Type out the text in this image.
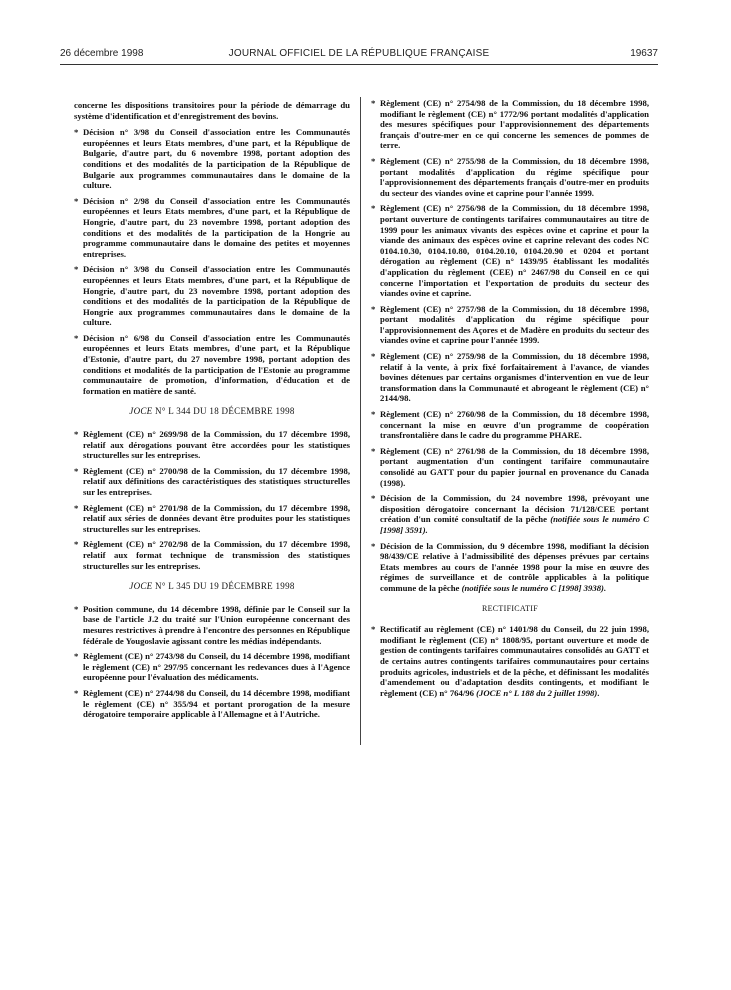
26 décembre 1998	JOURNAL OFFICIEL DE LA RÉPUBLIQUE FRANÇAISE	19637

concerne les dispositions transitoires pour la période de démarrage du système d'identification et d'enregistrement des bovins.

* Décision n° 3/98 du Conseil d'association entre les Communautés européennes et leurs Etats membres, d'une part, et la République de Bulgarie, d'autre part, du 6 novembre 1998, portant adoption des conditions et des modalités de la participation de la République de Bulgarie aux programmes communautaires dans le domaine de la culture.
* Décision n° 2/98 du Conseil d'association entre les Communautés européennes et leurs Etats membres, d'une part, et la République de Hongrie, d'autre part, du 23 novembre 1998, portant adoption des conditions et des modalités de la participation de la Hongrie au programme communautaire dans le domaine des petites et moyennes entreprises.
* Décision n° 3/98 du Conseil d'association entre les Communautés européennes et leurs Etats membres, d'une part, et la République de Hongrie, d'autre part, du 23 novembre 1998, portant adoption des conditions et des modalités de la participation de la République de Hongrie aux programmes communautaires dans le domaine de la culture.
* Décision n° 6/98 du Conseil d'association entre les Communautés européennes et leurs Etats membres, d'une part, et la République d'Estonie, d'autre part, du 27 novembre 1998, portant adoption des conditions et modalités de la participation de l'Estonie au programme communautaire de promotion, d'information, d'éducation et de formation en matière de santé.
JOCE N° L 344 DU 18 DÉCEMBRE 1998
* Règlement (CE) n° 2699/98 de la Commission, du 17 décembre 1998, relatif aux dérogations pouvant être accordées pour les statistiques structurelles sur les entreprises.
* Règlement (CE) n° 2700/98 de la Commission, du 17 décembre 1998, relatif aux définitions des caractéristiques des statistiques structurelles sur les entreprises.
* Règlement (CE) n° 2701/98 de la Commission, du 17 décembre 1998, relatif aux séries de données devant être produites pour les statistiques structurelles sur les entreprises.
* Règlement (CE) n° 2702/98 de la Commission, du 17 décembre 1998, relatif aux format technique de transmission des statistiques structurelles sur les entreprises.
JOCE N° L 345 DU 19 DÉCEMBRE 1998
* Position commune, du 14 décembre 1998, définie par le Conseil sur la base de l'article J.2 du traité sur l'Union européenne concernant des mesures restrictives à prendre à l'encontre des personnes en République fédérale de Yougoslavie agissant contre les médias indépendants.
* Règlement (CE) n° 2743/98 du Conseil, du 14 décembre 1998, modifiant le règlement (CE) n° 297/95 concernant les redevances dues à l'Agence européenne pour l'évaluation des médicaments.
* Règlement (CE) n° 2744/98 du Conseil, du 14 décembre 1998, modifiant le règlement (CE) n° 355/94 et portant prorogation de la mesure dérogatoire temporaire applicable à l'Allemagne et à l'Autriche.
* Règlement (CE) n° 2754/98 de la Commission, du 18 décembre 1998, modifiant le règlement (CE) n° 1772/96 portant modalités d'application des mesures spécifiques pour l'approvisionnement des départements français d'outre-mer en ce qui concerne les semences de pommes de terre.
* Règlement (CE) n° 2755/98 de la Commission, du 18 décembre 1998, portant modalités d'application du régime spécifique pour l'approvisionnement des départements français d'outre-mer en produits du secteur des viandes ovine et caprine pour l'année 1999.
* Règlement (CE) n° 2756/98 de la Commission, du 18 décembre 1998, portant ouverture de contingents tarifaires communautaires au titre de 1999 pour les animaux vivants des espèces ovine et caprine et pour la viande des animaux des espèces ovine et caprine relevant des codes NC 0104.10.30, 0104.10.80, 0104.20.10, 0104.20.90 et 0204 et portant dérogation au règlement (CE) n° 1439/95 établissant les modalités d'application du règlement (CEE) n° 2467/98 du Conseil en ce qui concerne l'importation et l'exportation de produits du secteur des viandes ovine et caprine.
* Règlement (CE) n° 2757/98 de la Commission, du 18 décembre 1998, portant modalités d'application du régime spécifique pour l'approvisionnement des Açores et de Madère en produits du secteur des viandes ovine et caprine pour l'année 1999.
* Règlement (CE) n° 2759/98 de la Commission, du 18 décembre 1998, relatif à la vente, à prix fixé forfaitairement à l'avance, de viandes bovines détenues par certains organismes d'intervention en vue de leur transformation dans la Communauté et abrogeant le règlement (CE) n° 2144/98.
* Règlement (CE) n° 2760/98 de la Commission, du 18 décembre 1998, concernant la mise en œuvre d'un programme de coopération transfrontalière dans le cadre du programme PHARE.
* Règlement (CE) n° 2761/98 de la Commission, du 18 décembre 1998, portant augmentation d'un contingent tarifaire communautaire consolidé au GATT pour du papier journal en provenance du Canada (1998).
* Décision de la Commission, du 24 novembre 1998, prévoyant une disposition dérogatoire concernant la décision 71/128/CEE portant création d'un comité consultatif de la pêche (notifiée sous le numéro C [1998] 3591).
* Décision de la Commission, du 9 décembre 1998, modifiant la décision 98/439/CE relative à l'admissibilité des dépenses prévues par certains Etats membres au cours de l'année 1998 pour la mise en œuvre des régimes de surveillance et de contrôle applicables à la politique commune de la pêche (notifiée sous le numéro C [1998] 3938).
RECTIFICATIF
* Rectificatif au règlement (CE) n° 1401/98 du Conseil, du 22 juin 1998, modifiant le règlement (CE) n° 1808/95, portant ouverture et mode de gestion de contingents tarifaires communautaires consolidés au GATT et de certains autres contingents tarifaires communautaires pour certains produits agricoles, industriels et de la pêche, et définissant les modalités d'amendement ou d'adaptation desdits contingents, et modifiant le règlement (CE) n° 764/96 (JOCE n° L 188 du 2 juillet 1998).
